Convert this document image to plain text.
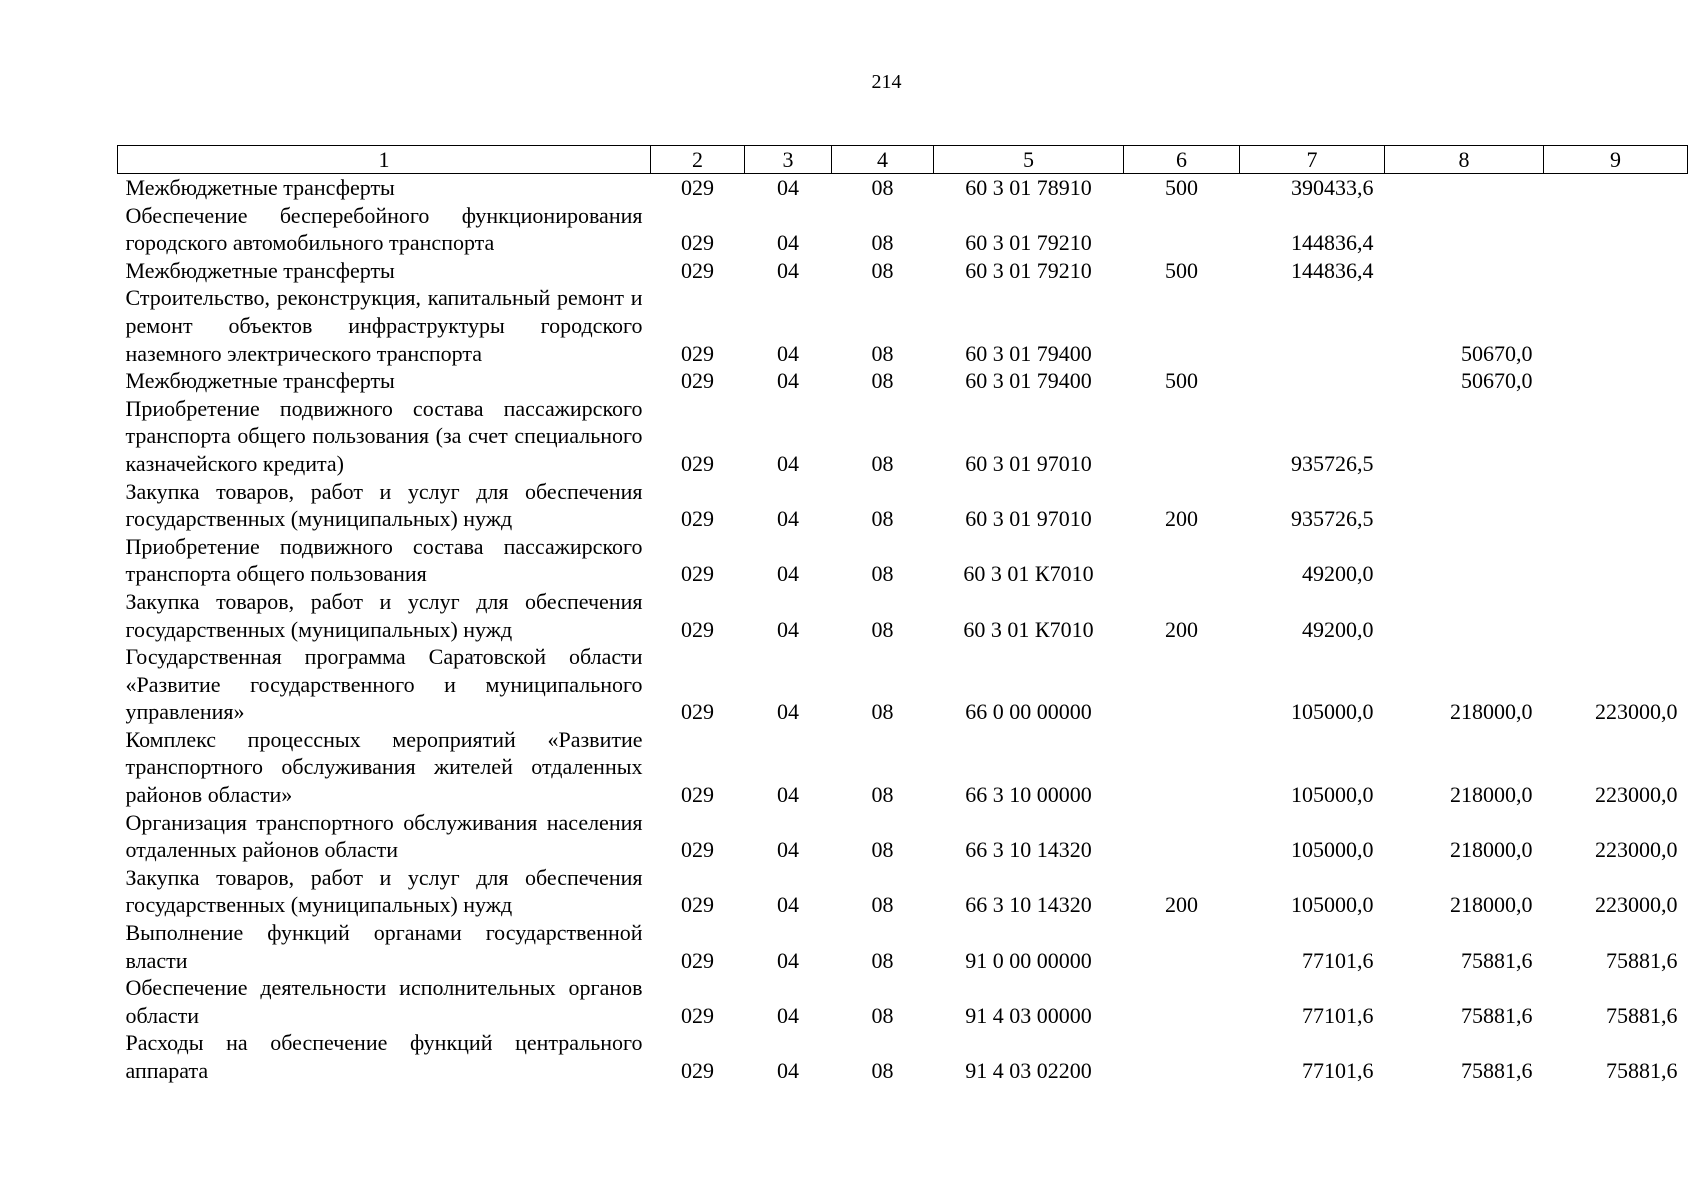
214
1	2	3	4	5	6	7	8	9
Межбюджетные трансферты	029	04	08	60 3 01 78910	500	390433,6		
Обеспечение бесперебойного функционирования городского автомобильного транспорта	029	04	08	60 3 01 79210		144836,4		
Межбюджетные трансферты	029	04	08	60 3 01 79210	500	144836,4		
Строительство, реконструкция, капитальный ремонт и ремонт объектов инфраструктуры городского наземного электрического транспорта	029	04	08	60 3 01 79400			50670,0	
Межбюджетные трансферты	029	04	08	60 3 01 79400	500		50670,0	
Приобретение подвижного состава пассажирского транспорта общего пользования (за счет специального казначейского кредита)	029	04	08	60 3 01 97010		935726,5		
Закупка товаров, работ и услуг для обеспечения государственных (муниципальных) нужд	029	04	08	60 3 01 97010	200	935726,5		
Приобретение подвижного состава пассажирского транспорта общего пользования	029	04	08	60 3 01 К7010		49200,0		
Закупка товаров, работ и услуг для обеспечения государственных (муниципальных) нужд	029	04	08	60 3 01 К7010	200	49200,0		
Государственная программа Саратовской области «Развитие государственного и муниципального управления»	029	04	08	66 0 00 00000		105000,0	218000,0	223000,0
Комплекс процессных мероприятий «Развитие транспортного обслуживания жителей отдаленных районов области»	029	04	08	66 3 10 00000		105000,0	218000,0	223000,0
Организация транспортного обслуживания населения отдаленных районов области	029	04	08	66 3 10 14320		105000,0	218000,0	223000,0
Закупка товаров, работ и услуг для обеспечения государственных (муниципальных) нужд	029	04	08	66 3 10 14320	200	105000,0	218000,0	223000,0
Выполнение функций органами государственной власти	029	04	08	91 0 00 00000		77101,6	75881,6	75881,6
Обеспечение деятельности исполнительных органов области	029	04	08	91 4 03 00000		77101,6	75881,6	75881,6
Расходы на обеспечение функций центрального аппарата	029	04	08	91 4 03 02200		77101,6	75881,6	75881,6
